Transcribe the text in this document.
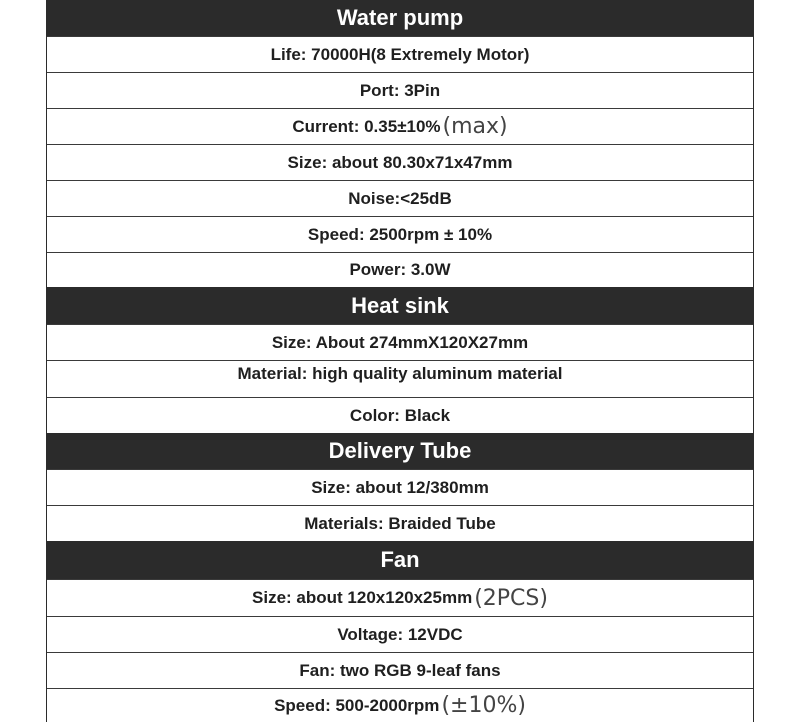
Water pump
Life: 70000H(8 Extremely Motor)
Port: 3Pin
Current: 0.35±10% (max)
Size: about 80.30x71x47mm
Noise:<25dB
Speed: 2500rpm ± 10%
Power: 3.0W
Heat sink
Size: About 274mmX120X27mm
Material: high quality aluminum material
Color: Black
Delivery Tube
Size: about 12/380mm
Materials: Braided Tube
Fan
Size: about 120x120x25mm (2PCS)
Voltage: 12VDC
Fan: two RGB 9-leaf fans
Speed: 500-2000rpm (±10%)
